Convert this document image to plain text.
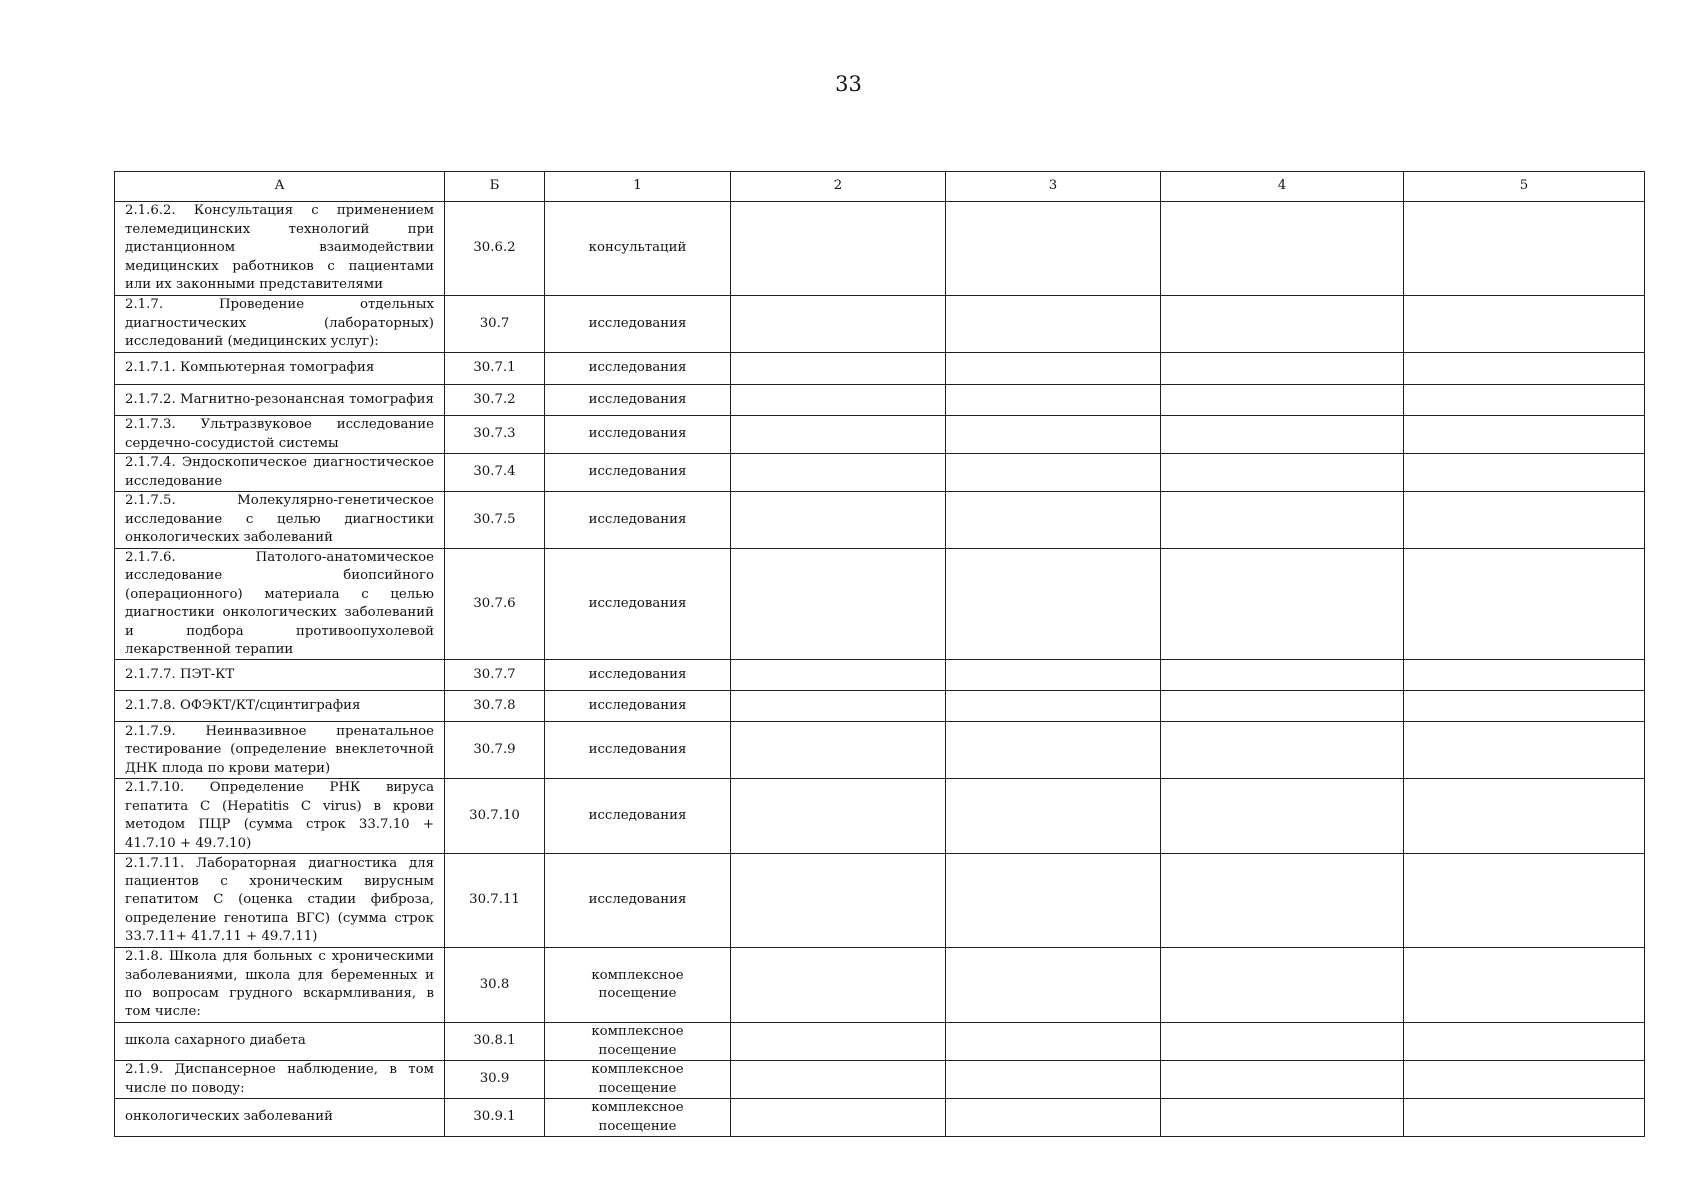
33
А	Б	1	2	3	4	5
2.1.6.2. Консультация с применением телемедицинских технологий при дистанционном взаимодействии медицинских работников с пациентами или их законными представителями	30.6.2	консультаций				
2.1.7. Проведение отдельных диагностических (лабораторных) исследований (медицинских услуг):	30.7	исследования				
2.1.7.1. Компьютерная томография	30.7.1	исследования				
2.1.7.2. Магнитно-резонансная томография	30.7.2	исследования				
2.1.7.3. Ультразвуковое исследование сердечно-сосудистой системы	30.7.3	исследования				
2.1.7.4. Эндоскопическое диагностическое исследование	30.7.4	исследования				
2.1.7.5. Молекулярно-генетическое исследование с целью диагностики онкологических заболеваний	30.7.5	исследования				
2.1.7.6. Патолого-анатомическое исследование биопсийного (операционного) материала с целью диагностики онкологических заболеваний и подбора противоопухолевой лекарственной терапии	30.7.6	исследования				
2.1.7.7. ПЭТ-КТ	30.7.7	исследования				
2.1.7.8. ОФЭКТ/КТ/сцинтиграфия	30.7.8	исследования				
2.1.7.9. Неинвазивное пренатальное тестирование (определение внеклеточной ДНК плода по крови матери)	30.7.9	исследования				
2.1.7.10. Определение РНК вируса гепатита C (Hepatitis C virus) в крови методом ПЦР (сумма строк 33.7.10 + 41.7.10 + 49.7.10)	30.7.10	исследования				
2.1.7.11. Лабораторная диагностика для пациентов с хроническим вирусным гепатитом C (оценка стадии фиброза, определение генотипа ВГС) (сумма строк 33.7.11+ 41.7.11 + 49.7.11)	30.7.11	исследования				
2.1.8. Школа для больных с хроническими заболеваниями, школа для беременных и по вопросам грудного вскармливания, в том числе:	30.8	комплексное посещение				
школа сахарного диабета	30.8.1	комплексное посещение				
2.1.9. Диспансерное наблюдение, в том числе по поводу:	30.9	комплексное посещение				
онкологических заболеваний	30.9.1	комплексное посещение				
